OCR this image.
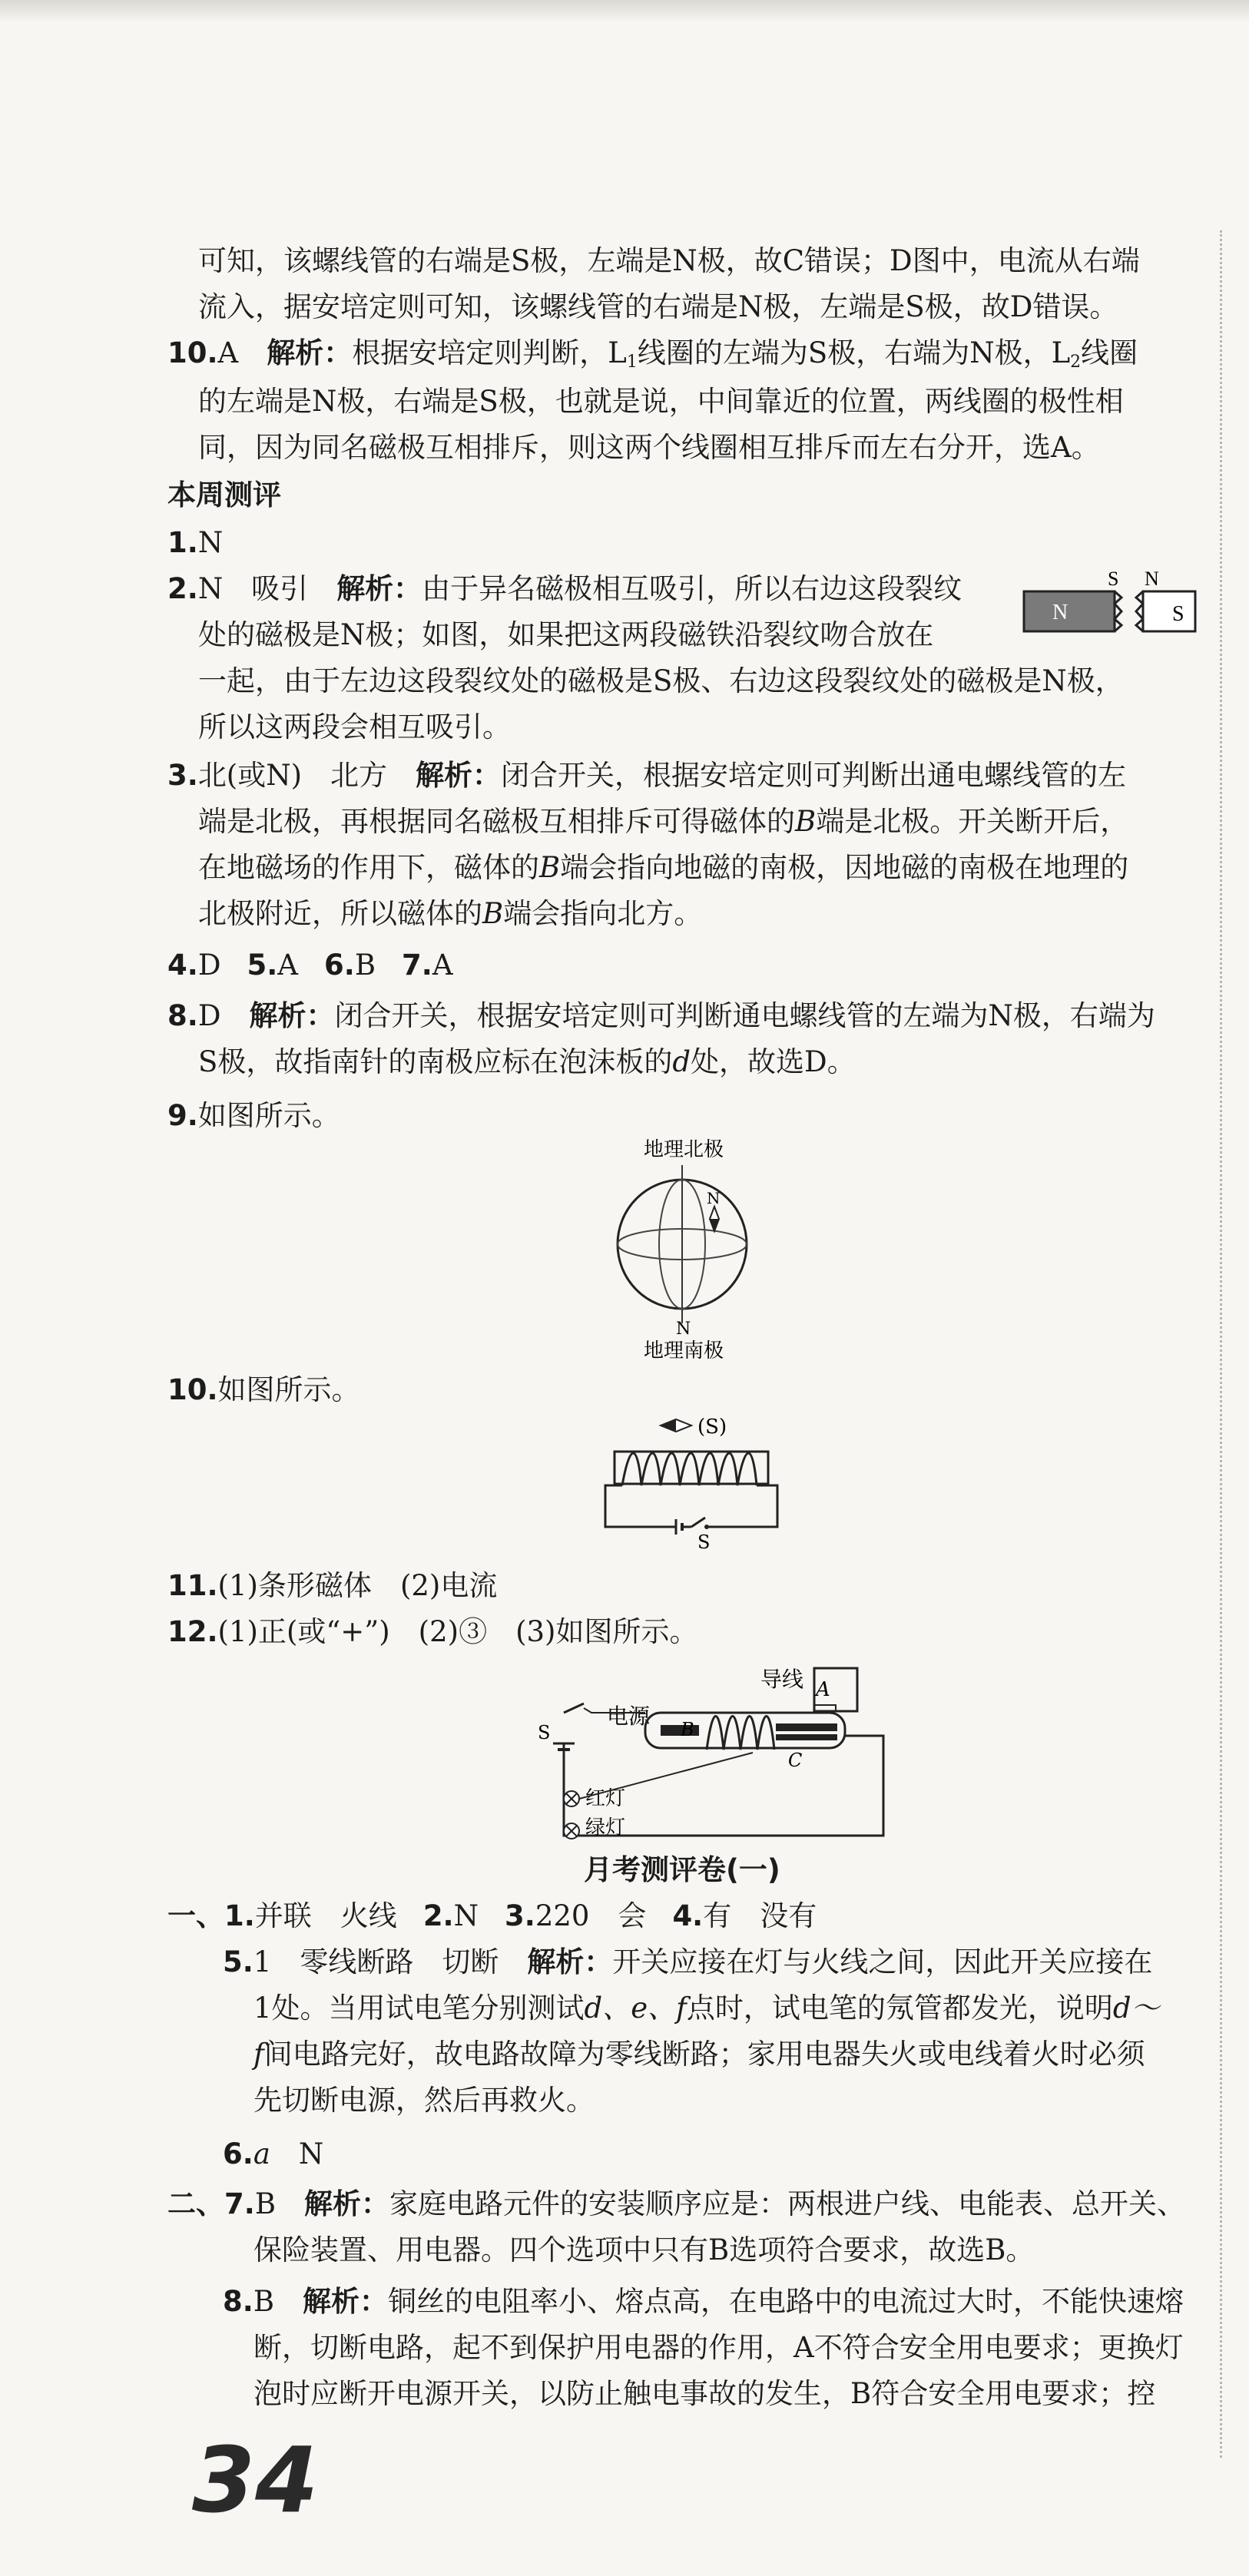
可知，该螺线管的右端是S极，左端是N极，故C错误；D图中，电流从右端

流入，据安培定则可知，该螺线管的右端是N极，左端是S极，故D错误。

10.A　 解析：根据安培定则判断，$L_1$线圈的左端为S极，右端为N极，$L_2$线圈

的左端是N极，右端是S极，也就是说，中间靠近的位置，两线圈的极性相

同，因为同名磁极互相排斥，则这两个线圈相互排斥而左右分开，选A。

本周测评

1.N

2.N　吸引　 解析：由于异名磁极相互吸引，所以右边这段裂纹

处的磁极是N极；如图，如果把这两段磁铁沿裂纹吻合放在

一起，由于左边这段裂纹处的磁极是S极、右边这段裂纹处的磁极是N极，

所以这两段会相互吸引。

N	S
S N

3.北(或N)　北方　 解析：闭合开关，根据安培定则可判断出通电螺线管的左

端是北极，再根据同名磁极互相排斥可得磁体的B端是北极。开关断开后，

在地磁场的作用下，磁体的B端会指向地磁的南极，因地磁的南极在地理的

北极附近，所以磁体的B端会指向北方。

4.D 5.A 6.B 7.A

8.D　 解析：闭合开关，根据安培定则可判断通电螺线管的左端为N极，右端为

S极，故指南针的南极应标在泡沫板的d处，故选D。

9.如图所示。

地理北极
N
N
地理南极

10.如图所示。

(S)
S

11.(1)条形磁体　(2)电流

12.(1)正(或“+”)　(2)③　(3)如图所示。

导线 A
电源
B
C
S
红灯
绿灯

月考测评卷(一)

一、1.并联　火线 2.N 3.220　会 4.有　没有

5.1　零线断路　切断　 解析：开关应接在灯与火线之间，因此开关应接在

1处。当用试电笔分别测试d、e、f点时，试电笔的氖管都发光，说明d～

f间电路完好，故电路故障为零线断路；家用电器失火或电线着火时必须

先切断电源，然后再救火。

6.a　 N

二、7.B　 解析：家庭电路元件的安装顺序应是：两根进户线、电能表、总开关、

保险装置、用电器。四个选项中只有B选项符合要求，故选B。

8.B　 解析：铜丝的电阻率小、熔点高，在电路中的电流过大时，不能快速熔

断，切断电路，起不到保护用电器的作用，A不符合安全用电要求；更换灯

泡时应断开电源开关，以防止触电事故的发生，B符合安全用电要求；控

34
